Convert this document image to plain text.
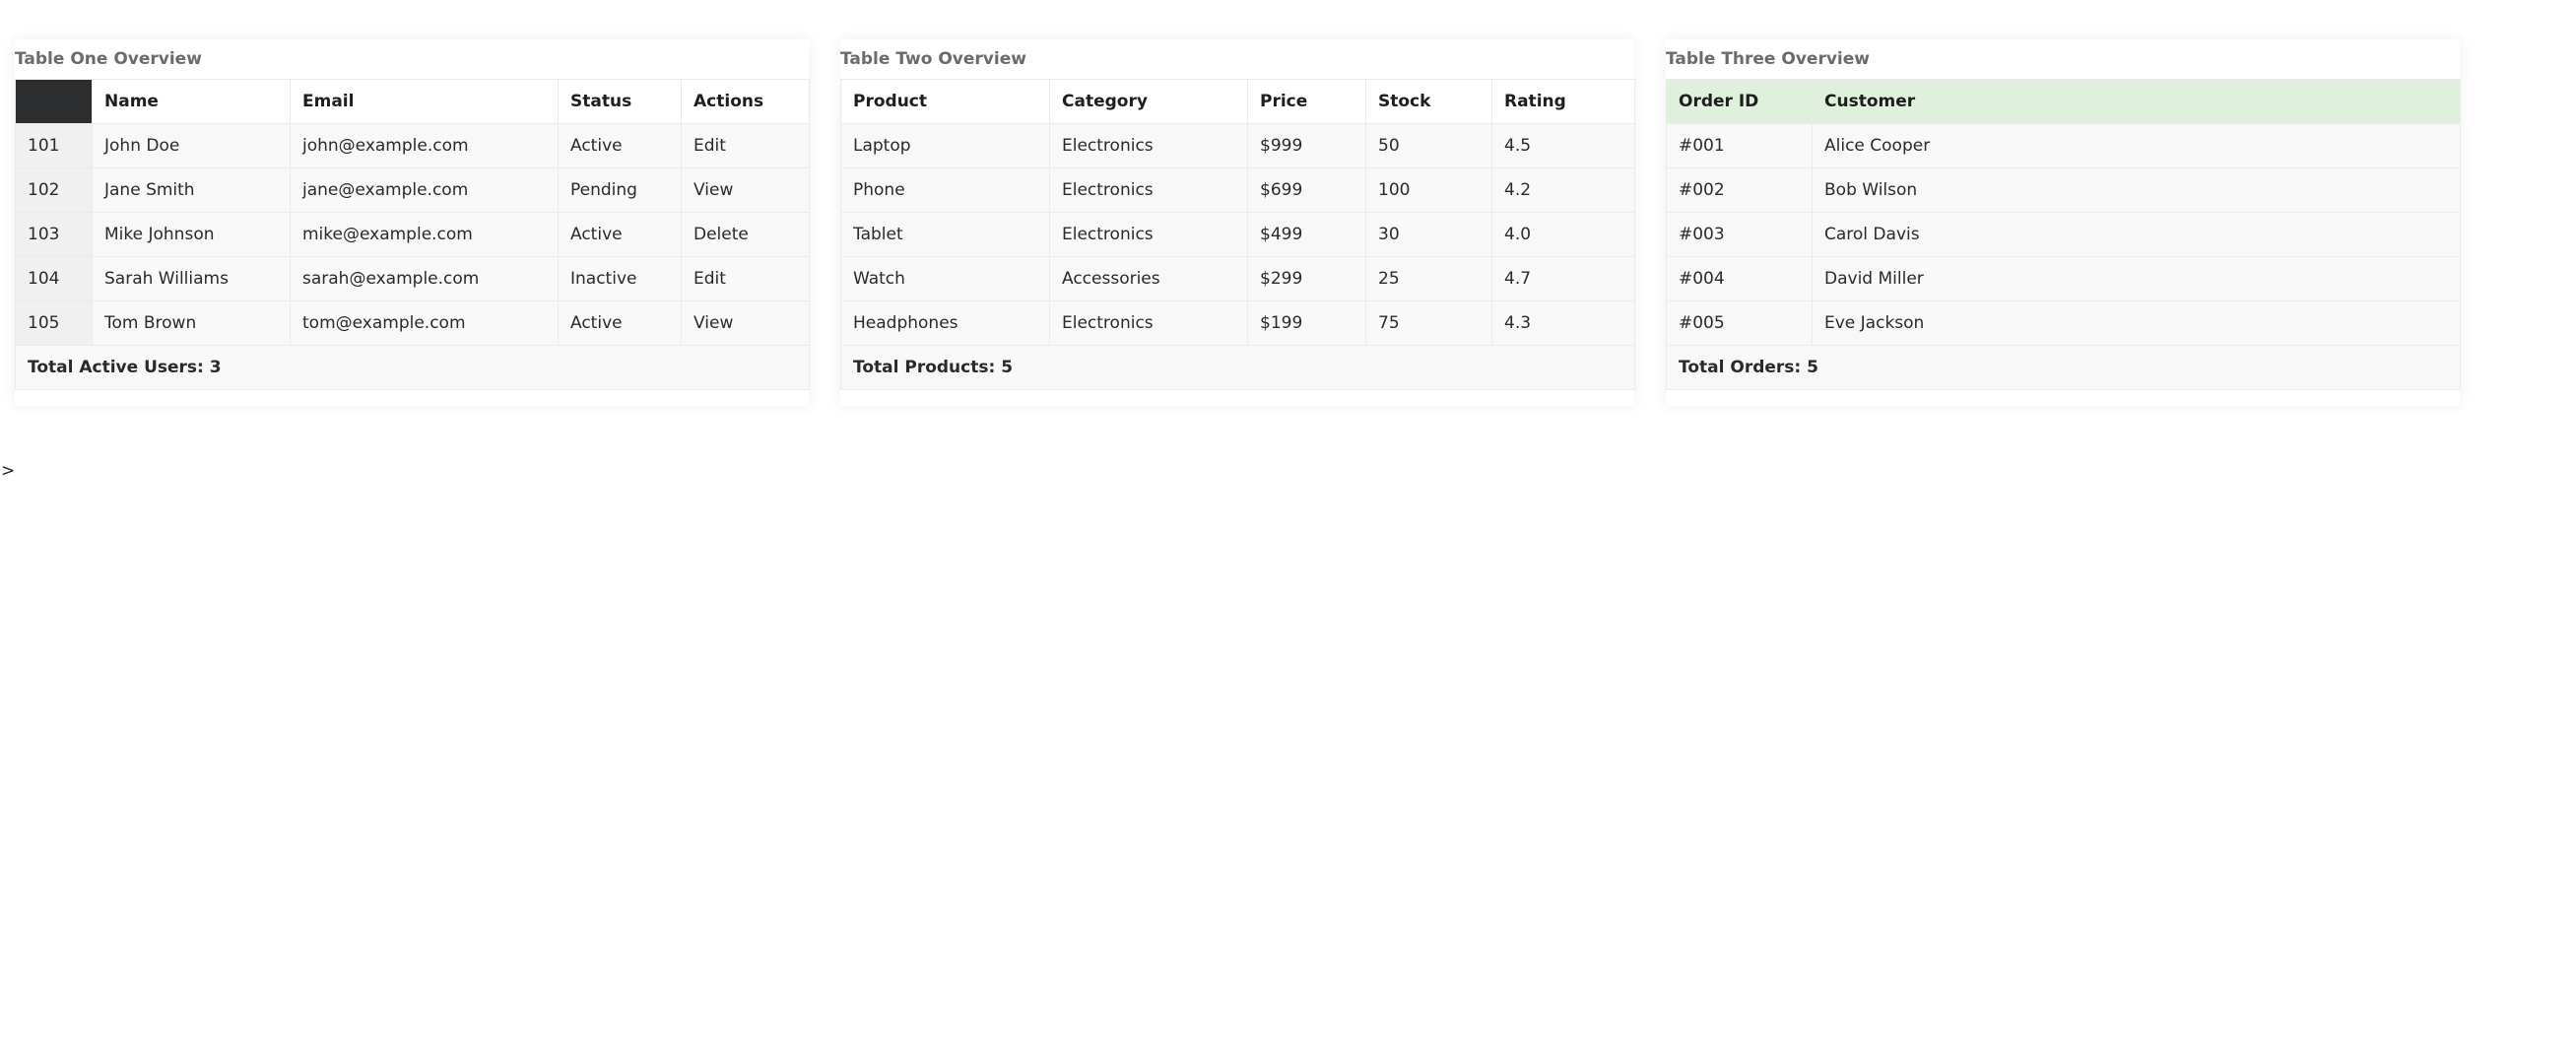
Table One Overview
	Name	Email	Status	Actions
101	John Doe	john@example.com	Active	Edit
102	Jane Smith	jane@example.com	Pending	View
103	Mike Johnson	mike@example.com	Active	Delete
104	Sarah Williams	sarah@example.com	Inactive	Edit
105	Tom Brown	tom@example.com	Active	View
Total Active Users: 3				
Table Two Overview
Product	Category	Price	Stock	Rating
Laptop	Electronics	$999	50	4.5
Phone	Electronics	$699	100	4.2
Tablet	Electronics	$499	30	4.0
Watch	Accessories	$299	25	4.7
Headphones	Electronics	$199	75	4.3
Total Products: 5				
Table Three Overview
Order ID	Customer
#001	Alice Cooper
#002	Bob Wilson
#003	Carol Davis
#004	David Miller
#005	Eve Jackson
Total Orders: 5	
>
